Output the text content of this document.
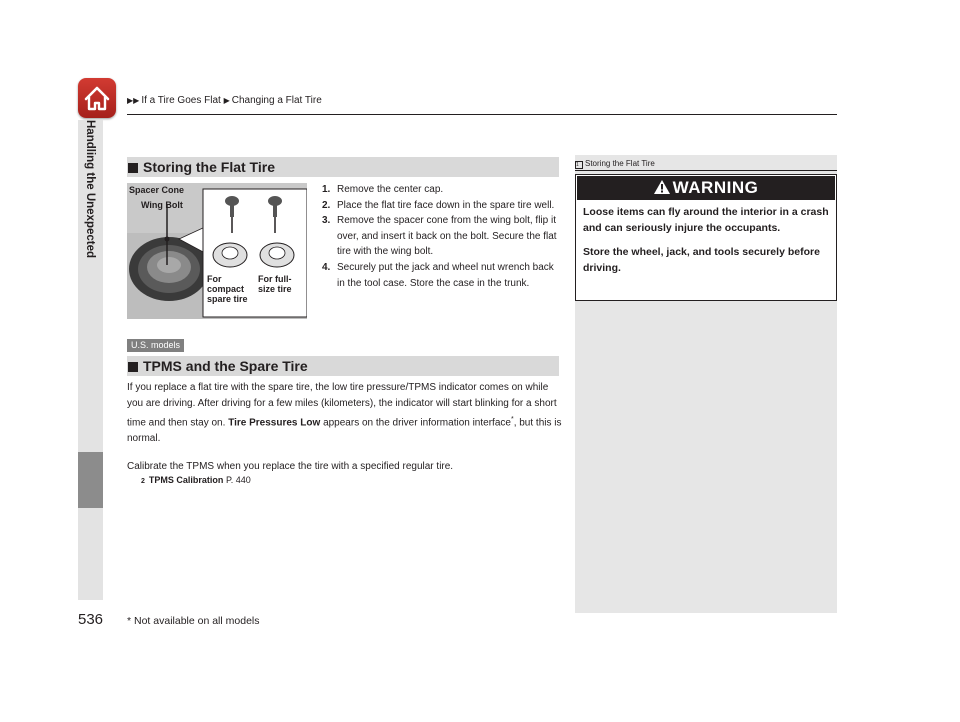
▶▶ If a Tire Goes Flat ▶ Changing a Flat Tire
Handling the Unexpected	Storing the Flat Tire
Spacer Cone
Wing Bolt
For
compact
spare tire
For full-
size tire
1. Remove the center cap.
2. Place the flat tire face down in the spare tire well.
3. Remove the spacer cone from the wing bolt, flip it over, and insert it back on the bolt. Secure the flat tire with the wing bolt.
4. Securely put the jack and wheel nut wrench back in the tool case. Store the case in the trunk.
U.S. models
TPMS and the Spare Tire
If you replace a flat tire with the spare tire, the low tire pressure/TPMS indicator comes on while you are driving. After driving for a few miles (kilometers), the indicator will start blinking for a short time and then stay on. Tire Pressures Low appears on the driver information interface*, but this is normal.
Calibrate the TPMS when you replace the tire with a specified regular tire.
2 TPMS Calibration P. 440
1 Storing the Flat Tire
WARNING

Loose items can fly around the interior in a crash and can seriously injure the occupants.

Store the wheel, jack, and tools securely before driving.

536 * Not available on all models
